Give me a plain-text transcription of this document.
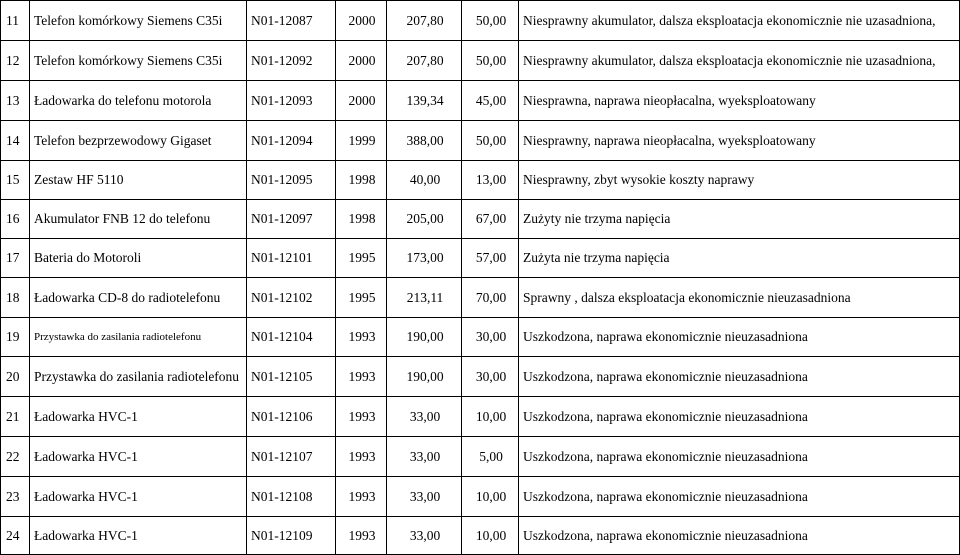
11	Telefon komórkowy Siemens C35i	N01-12087	2000	207,80	50,00	Niesprawny akumulator, dalsza eksploatacja ekonomicznie nie uzasadniona,
12	Telefon komórkowy Siemens C35i	N01-12092	2000	207,80	50,00	Niesprawny akumulator, dalsza eksploatacja ekonomicznie nie uzasadniona,
13	Ładowarka do telefonu motorola	N01-12093	2000	139,34	45,00	Niesprawna, naprawa nieopłacalna, wyeksploatowany
14	Telefon bezprzewodowy Gigaset	N01-12094	1999	388,00	50,00	Niesprawny, naprawa nieopłacalna, wyeksploatowany
15	Zestaw HF 5110	N01-12095	1998	40,00	13,00	Niesprawny, zbyt wysokie koszty naprawy
16	Akumulator FNB 12 do telefonu	N01-12097	1998	205,00	67,00	Zużyty nie trzyma napięcia
17	Bateria do Motoroli	N01-12101	1995	173,00	57,00	Zużyta nie trzyma napięcia
18	Ładowarka CD-8 do radiotelefonu	N01-12102	1995	213,11	70,00	Sprawny , dalsza eksploatacja ekonomicznie nieuzasadniona
19	Przystawka do zasilania radiotelefonu	N01-12104	1993	190,00	30,00	Uszkodzona, naprawa ekonomicznie nieuzasadniona
20	Przystawka do zasilania radiotelefonu	N01-12105	1993	190,00	30,00	Uszkodzona, naprawa ekonomicznie nieuzasadniona
21	Ładowarka HVC-1	N01-12106	1993	33,00	10,00	Uszkodzona, naprawa ekonomicznie nieuzasadniona
22	Ładowarka HVC-1	N01-12107	1993	33,00	5,00	Uszkodzona, naprawa ekonomicznie nieuzasadniona
23	Ładowarka HVC-1	N01-12108	1993	33,00	10,00	Uszkodzona, naprawa ekonomicznie nieuzasadniona
24	Ładowarka HVC-1	N01-12109	1993	33,00	10,00	Uszkodzona, naprawa ekonomicznie nieuzasadniona
